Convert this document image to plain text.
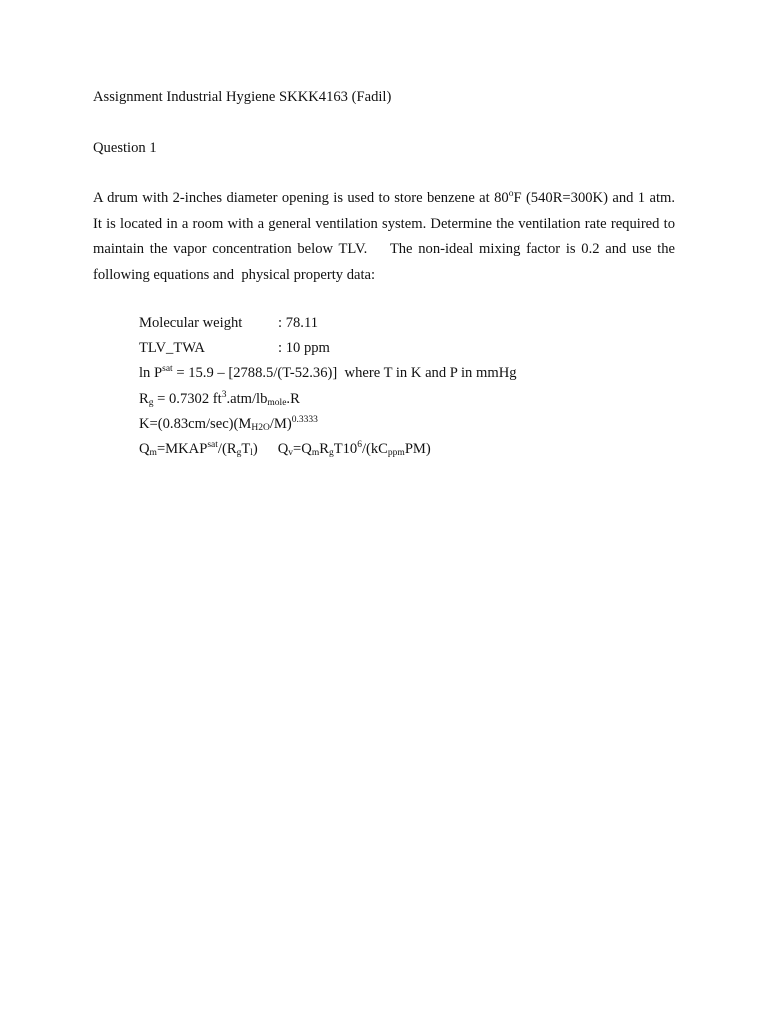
Assignment Industrial Hygiene SKKK4163 (Fadil)
Question 1
A drum with 2-inches diameter opening is used to store benzene at 80$^o$F (540R=300K) and 1 atm. It is located in a room with a general ventilation system. Determine the ventilation rate required to maintain the vapor concentration below TLV.    The non-ideal mixing factor is 0.2 and use the following equations and  physical property data:
Molecular weight : 78.11
TLV_TWA	: 10 ppm
$\ln P^{sat} = 15.9 - [2788.5/(T-52.36)]$  where T in K and P in mmHg
$R_g = 0.7302$ $ft^3.atm/lb_{mole}.R$
$K=(0.83cm/\sec)(M_{H2O}/M)^{0.3333}$
$Q_m=MKAP^{sat}/(R_gT_l)$ $Q_v=Q_mR_gT10^6/(kC_{ppm}PM)$
